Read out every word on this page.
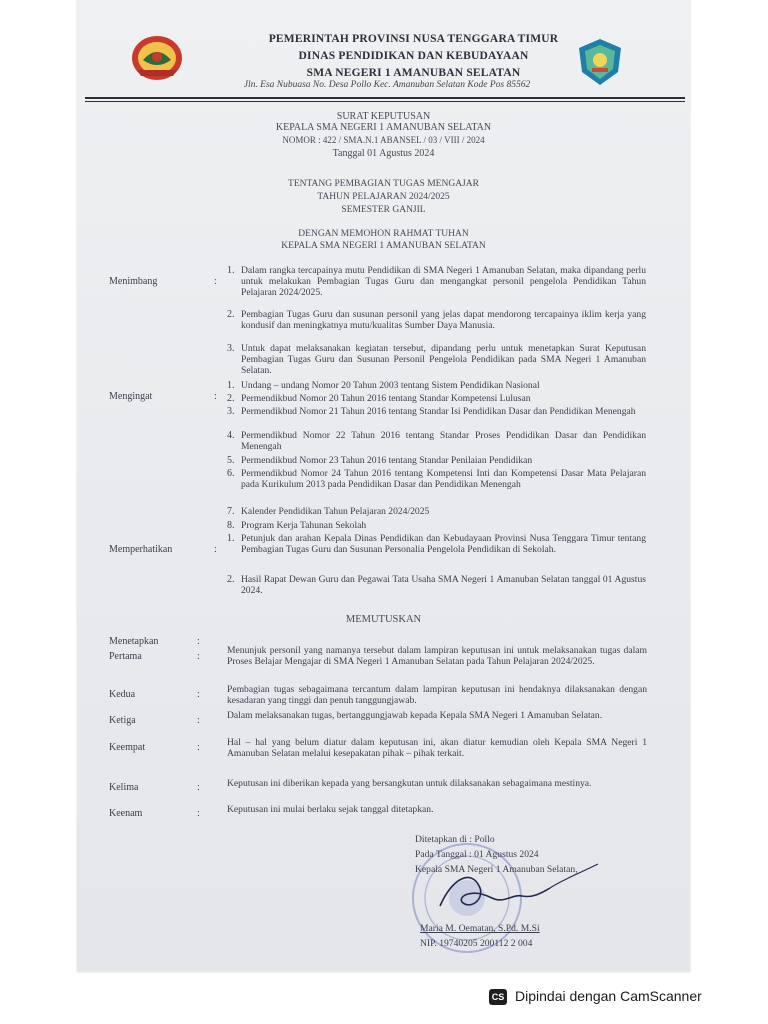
PEMERINTAH PROVINSI NUSA TENGGARA TIMUR
DINAS PENDIDIKAN DAN KEBUDAYAAN
SMA NEGERI 1 AMANUBAN SELATAN
Jln. Esa Nubuasa No. Desa Pollo Kec. Amanuban Selatan Kode Pos 85562
SURAT KEPUTUSAN
KEPALA SMA NEGERI 1 AMANUBAN SELATAN
NOMOR : 422 / SMA.N.1 ABANSEL / 03 / VIII / 2024
Tanggal 01 Agustus 2024
TENTANG PEMBAGIAN TUGAS MENGAJAR
TAHUN PELAJARAN 2024/2025
SEMESTER GANJIL
DENGAN MEMOHON RAHMAT TUHAN
KEPALA SMA NEGERI 1 AMANUBAN SELATAN
Menimbang	:
1. Dalam rangka tercapainya mutu Pendidikan di SMA Negeri 1 Amanuban Selatan, maka dipandang perlu untuk melakukan Pembagian Tugas Guru dan mengangkat personil pengelola Pendidikan Tahun Pelajaran 2024/2025.
2. Pembagian Tugas Guru dan susunan personil yang jelas dapat mendorong tercapainya iklim kerja yang kondusif dan meningkatnya mutu/kualitas Sumber Daya Manusia.
3. Untuk dapat melaksanakan kegiatan tersebut, dipandang perlu untuk menetapkan Surat Keputusan Pembagian Tugas Guru dan Susunan Personil Pengelola Pendidikan pada SMA Negeri 1 Amanuban Selatan.
Mengingat	:
1. Undang – undang Nomor 20 Tahun 2003 tentang Sistem Pendidikan Nasional
2. Permendikbud Nomor 20 Tahun 2016 tentang Standar Kompetensi Lulusan
3. Permendikbud Nomor 21 Tahun 2016 tentang Standar Isi Pendidikan Dasar dan Pendidikan Menengah
4. Permendikbud Nomor 22 Tahun 2016 tentang Standar Proses Pendidikan Dasar dan Pendidikan Menengah
5. Permendikbud Nomor 23 Tahun 2016 tentang Standar Penilaian Pendidikan
6. Permendikbud Nomor 24 Tahun 2016 tentang Kompetensi Inti dan Kompetensi Dasar Mata Pelajaran pada Kurikulum 2013 pada Pendidikan Dasar dan Pendidikan Menengah
7. Kalender Pendidikan Tahun Pelajaran 2024/2025
8. Program Kerja Tahunan Sekolah
Memperhatikan	:
1. Petunjuk dan arahan Kepala Dinas Pendidikan dan Kebudayaan Provinsi Nusa Tenggara Timur tentang Pembagian Tugas Guru dan Susunan Personalia Pengelola Pendidikan di Sekolah.
2. Hasil Rapat Dewan Guru dan Pegawai Tata Usaha SMA Negeri 1 Amanuban Selatan tanggal 01 Agustus 2024.
MEMUTUSKAN
Menetapkan	:
Pertama	:
Menunjuk personil yang namanya tersebut dalam lampiran keputusan ini untuk melaksanakan tugas dalam Proses Belajar Mengajar di SMA Negeri 1 Amanuban Selatan pada Tahun Pelajaran 2024/2025.
Kedua	:	Pembagian tugas sebagaimana tercantum dalam lampiran keputusan ini hendaknya dilaksanakan dengan kesadaran yang tinggi dan penuh tanggungjawab.
Ketiga	:	Dalam melaksanakan tugas, bertanggungjawab kepada Kepala SMA Negeri 1 Amanuban Selatan.
Keempat	:	Hal – hal yang belum diatur dalam keputusan ini, akan diatur kemudian oleh Kepala SMA Negeri 1 Amanuban Selatan melalui kesepakatan pihak – pihak terkait.
Kelima	:	Keputusan ini diberikan kepada yang bersangkutan untuk dilaksanakan sebagaimana mestinya.
Keenam	:	Keputusan ini mulai berlaku sejak tanggal ditetapkan.
Ditetapkan di : Pollo
Pada Tanggal : 01 Agustus 2024
Kepala SMA Negeri 1 Amanuban Selatan,
Maria M. Oematan, S.Pd. M.Si
NIP. 19740205 200112 2 004
CS Dipindai dengan CamScanner
